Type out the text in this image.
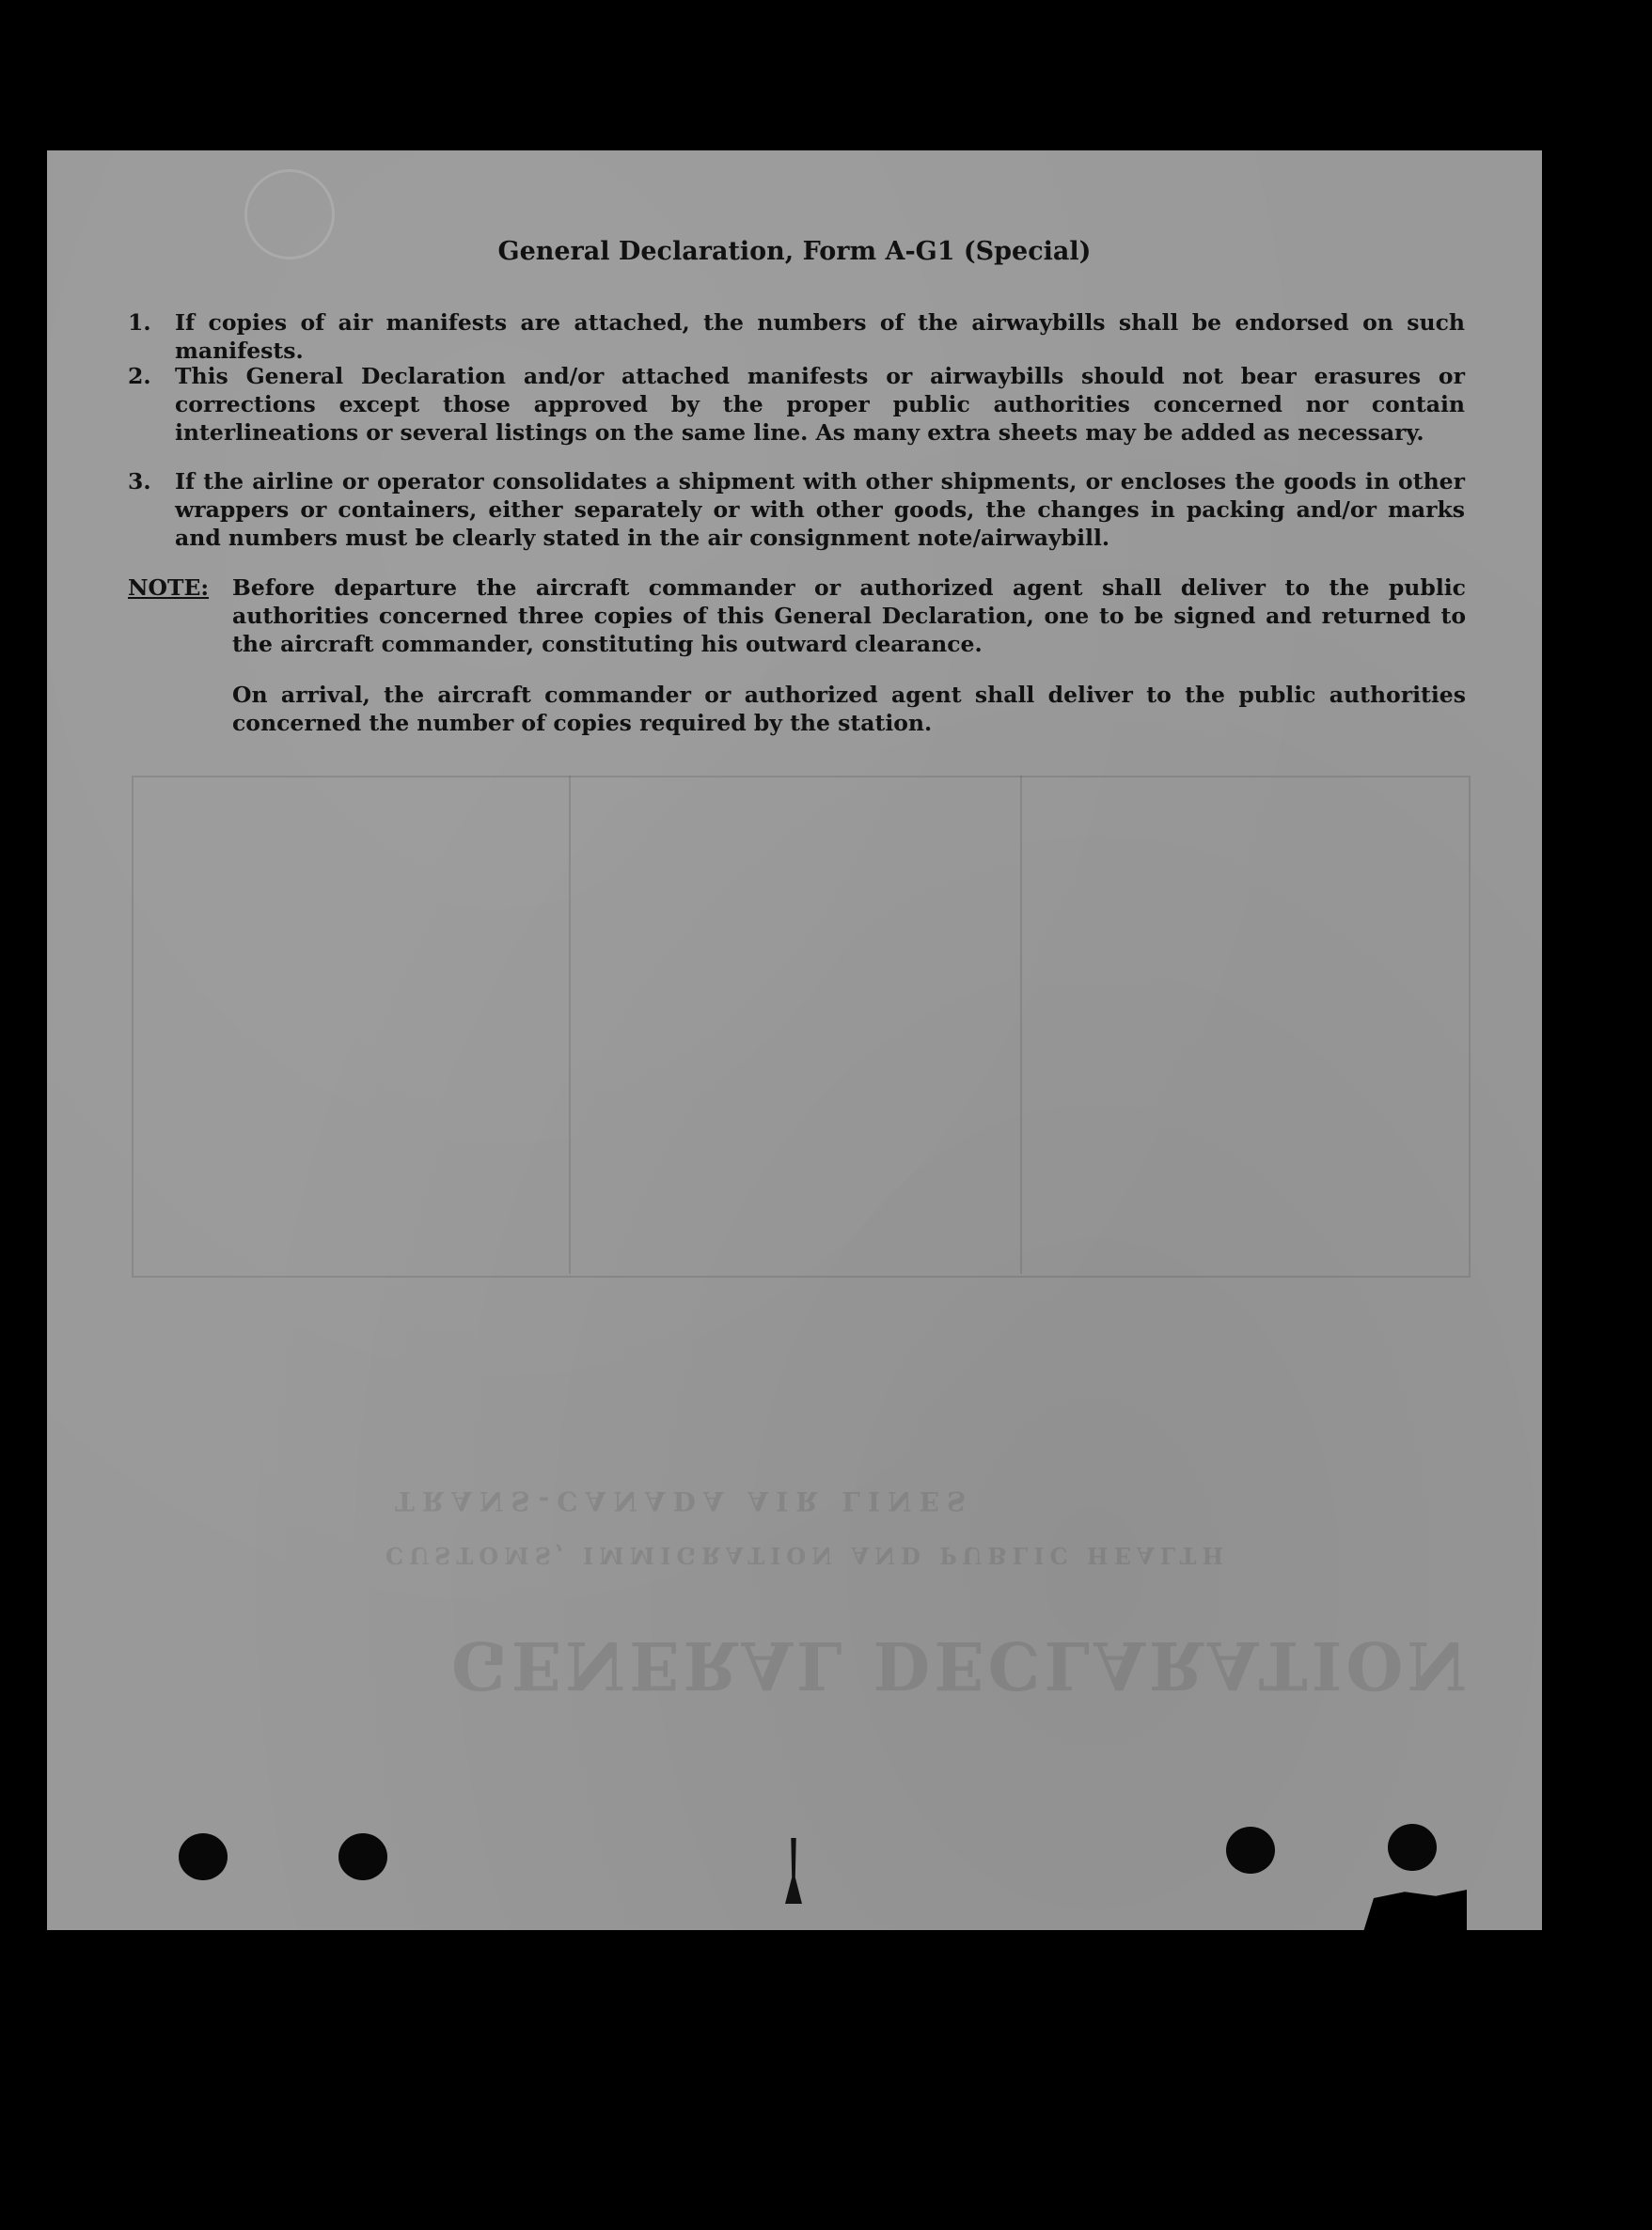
GENERAL DECLARATION
CUSTOMS, IMMIGRATION AND PUBLIC HEALTH
TRANS-CANADA AIR LINES
General Declaration, Form A-G1 (Special)
1.	If copies of air manifests are attached, the numbers of the airwaybills shall be endorsed on such manifests.
2.	This General Declaration and/or attached manifests or airwaybills should not bear erasures or corrections except those approved by the proper public authorities concerned nor contain interlineations or several listings on the same line. As many extra sheets may be added as necessary.
3.	If the airline or operator consolidates a shipment with other shipments, or encloses the goods in other wrappers or containers, either separately or with other goods, the changes in packing and/or marks and numbers must be clearly stated in the air consignment note/airwaybill.
NOTE: Before departure the aircraft commander or authorized agent shall deliver to the public authorities concerned three copies of this General Declaration, one to be signed and returned to the aircraft commander, constituting his outward clearance.
On arrival, the aircraft commander or authorized agent shall deliver to the public authorities concerned the number of copies required by the station.
